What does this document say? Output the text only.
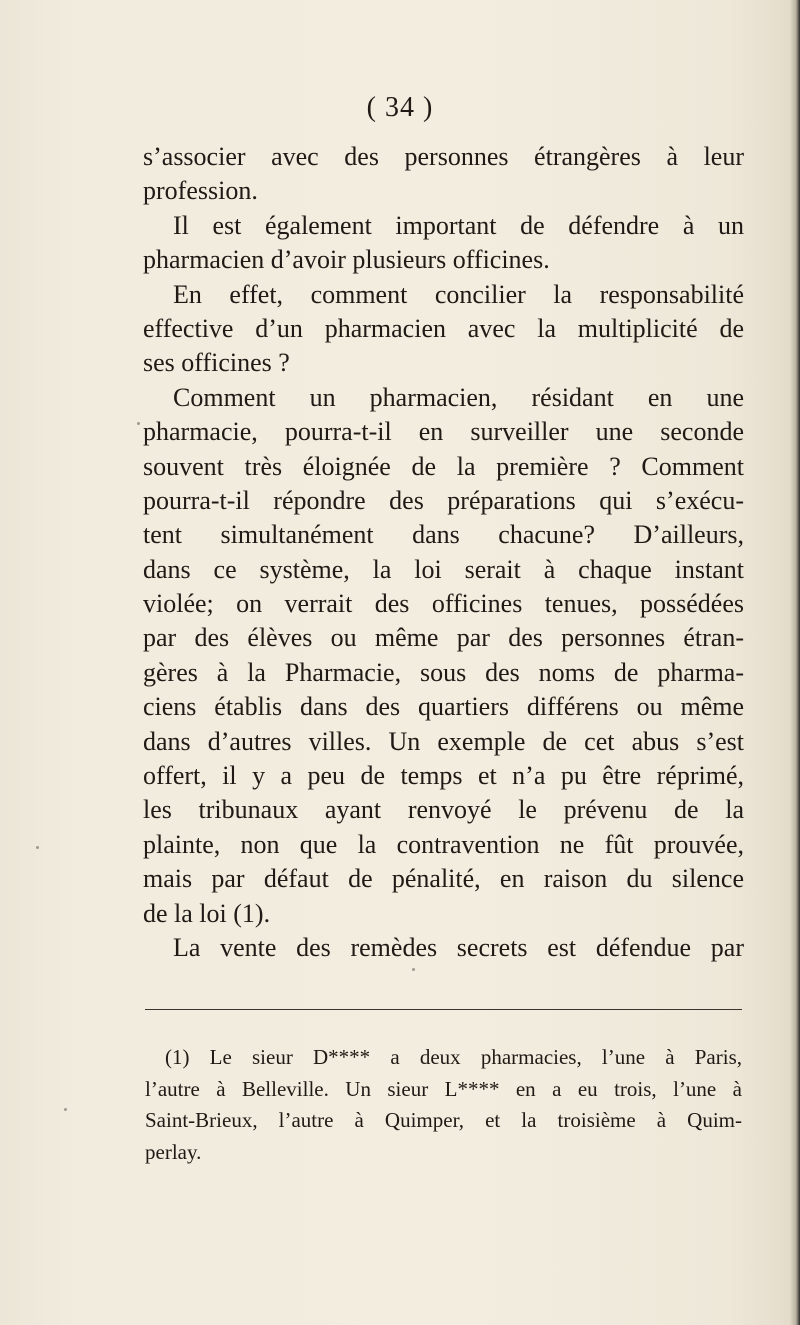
( 34 )
s’associer avec des personnes étrangères à leur
profession.
Il est également important de défendre à un
pharmacien d’avoir plusieurs officines.
En effet, comment concilier la responsabilité
effective d’un pharmacien avec la multiplicité de
ses officines ?
Comment un pharmacien, résidant en une
pharmacie, pourra-t-il en surveiller une seconde
souvent très éloignée de la première ? Comment
pourra-t-il répondre des préparations qui s’exécu-
tent simultanément dans chacune? D’ailleurs,
dans ce système, la loi serait à chaque instant
violée; on verrait des officines tenues, possédées
par des élèves ou même par des personnes étran-
gères à la Pharmacie, sous des noms de pharma-
ciens établis dans des quartiers différens ou même
dans d’autres villes. Un exemple de cet abus s’est
offert, il y a peu de temps et n’a pu être réprimé,
les tribunaux ayant renvoyé le prévenu de la
plainte, non que la contravention ne fût prouvée,
mais par défaut de pénalité, en raison du silence
de la loi (1).
La vente des remèdes secrets est défendue par
(1) Le sieur D**** a deux pharmacies, l’une à Paris,
l’autre à Belleville. Un sieur L**** en a eu trois, l’une à
Saint-Brieux, l’autre à Quimper, et la troisième à Quim-
perlay.
